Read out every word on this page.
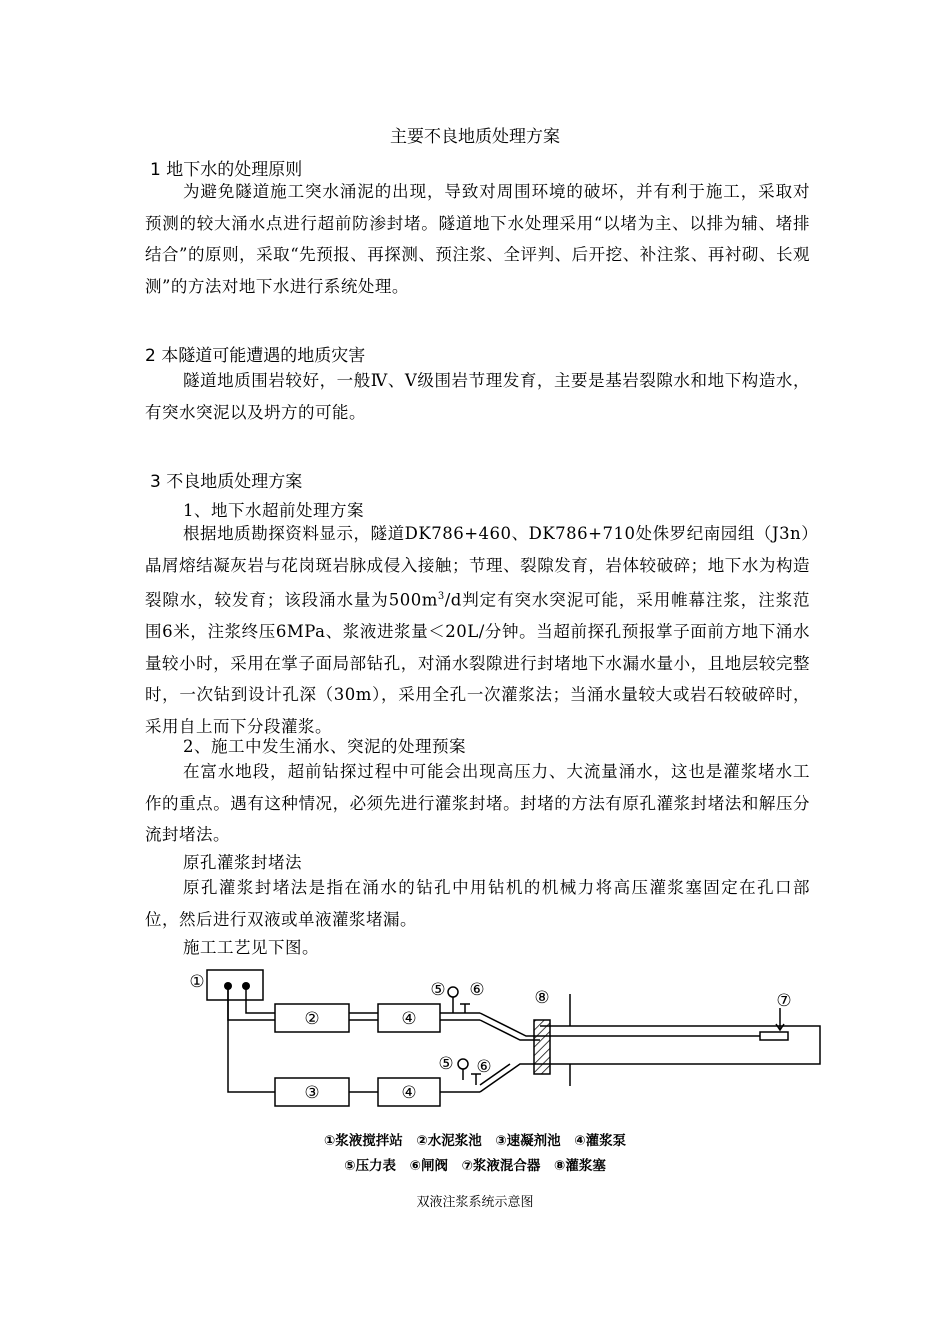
主要不良地质处理方案
1 地下水的处理原则
为避免隧道施工突水涌泥的出现，导致对周围环境的破坏，并有利于施工，采取对预测的较大涌水点进行超前防渗封堵。隧道地下水处理采用“以堵为主、以排为辅、堵排结合”的原则，采取“先预报、再探测、预注浆、全评判、后开挖、补注浆、再衬砌、长观测”的方法对地下水进行系统处理。
2 本隧道可能遭遇的地质灾害
隧道地质围岩较好，一般Ⅳ、Ⅴ级围岩节理发育，主要是基岩裂隙水和地下构造水，有突水突泥以及坍方的可能。
3 不良地质处理方案
1、地下水超前处理方案
根据地质勘探资料显示，隧道DK786+460、DK786+710处侏罗纪南园组（J3n）晶屑熔结凝灰岩与花岗斑岩脉成侵入接触；节理、裂隙发育，岩体较破碎；地下水为构造裂隙水，较发育；该段涌水量为$500m^3/d$判定有突水突泥可能，采用帷幕注浆，注浆范围6米，注浆终压6MPa、浆液进浆量＜20L/分钟。当超前探孔预报掌子面前方地下涌水量较小时，采用在掌子面局部钻孔，对涌水裂隙进行封堵地下水漏水量小，且地层较完整时，一次钻到设计孔深（30m），采用全孔一次灌浆法；当涌水量较大或岩石较破碎时，采用自上而下分段灌浆。
2、施工中发生涌水、突泥的处理预案
在富水地段，超前钻探过程中可能会出现高压力、大流量涌水，这也是灌浆堵水工作的重点。遇有这种情况，必须先进行灌浆封堵。封堵的方法有原孔灌浆封堵法和解压分流封堵法。
原孔灌浆封堵法
原孔灌浆封堵法是指在涌水的钻孔中用钻机的机械力将高压灌浆塞固定在孔口部位，然后进行双液或单液灌浆堵漏。
施工工艺见下图。
①
②	④
③	④
⑤ ⑥
⑤ ⑥
⑧	⑦
①浆液搅拌站　②水泥浆池　③速凝剂池　④灌浆泵
⑤压力表　⑥闸阀　⑦浆液混合器　⑧灌浆塞
双液注浆系统示意图
